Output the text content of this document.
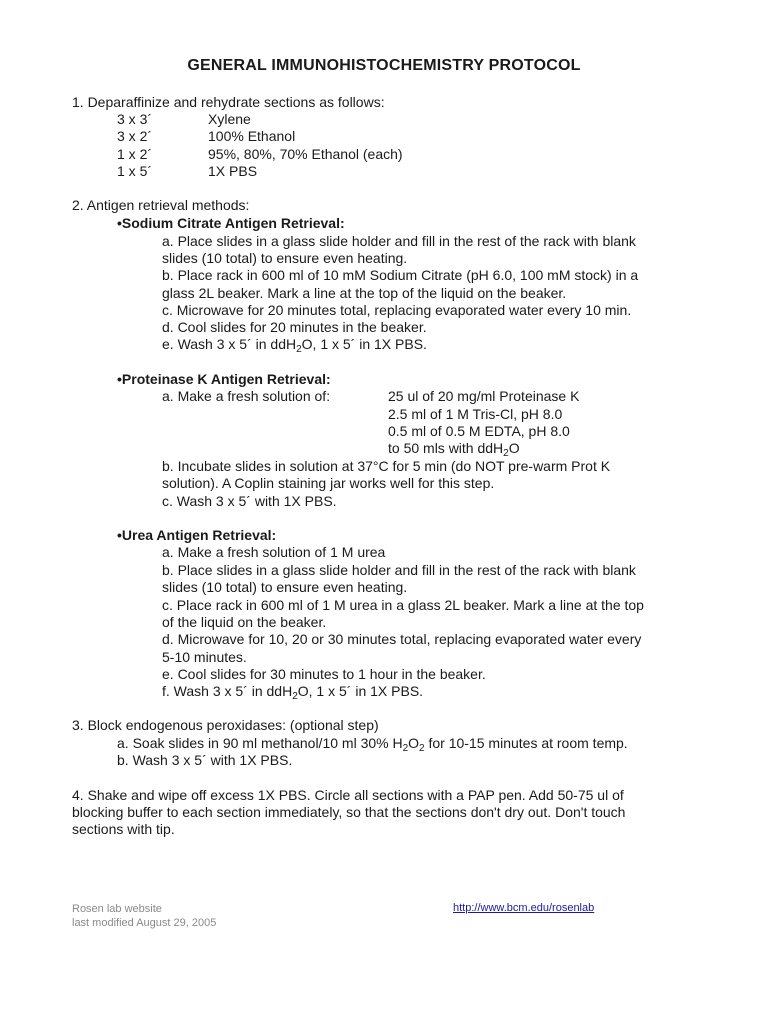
GENERAL IMMUNOHISTOCHEMISTRY PROTOCOL
1. Deparaffinize and rehydrate sections as follows:
3 x 3´	Xylene
3 x 2´	100% Ethanol
1 x 2´	95%, 80%, 70% Ethanol (each)
1 x 5´	1X PBS
2. Antigen retrieval methods:
•Sodium Citrate Antigen Retrieval:
a. Place slides in a glass slide holder and fill in the rest of the rack with blank
slides (10 total) to ensure even heating.
b. Place rack in 600 ml of 10 mM Sodium Citrate (pH 6.0, 100 mM stock) in a
glass 2L beaker. Mark a line at the top of the liquid on the beaker.
c. Microwave for 20 minutes total, replacing evaporated water every 10 min.
d. Cool slides for 20 minutes in the beaker.
e. Wash 3 x 5´ in ddH$_2$O, 1 x 5´ in 1X PBS.
•Proteinase K Antigen Retrieval:
a. Make a fresh solution of:	25 ul of 20 mg/ml Proteinase K
2.5 ml of 1 M Tris-Cl, pH 8.0
0.5 ml of 0.5 M EDTA, pH 8.0
to 50 mls with ddH$_2$O
b. Incubate slides in solution at 37°C for 5 min (do NOT pre-warm Prot K
solution). A Coplin staining jar works well for this step.
c. Wash 3 x 5´ with 1X PBS.
•Urea Antigen Retrieval:
a. Make a fresh solution of 1 M urea
b. Place slides in a glass slide holder and fill in the rest of the rack with blank
slides (10 total) to ensure even heating.
c. Place rack in 600 ml of 1 M urea in a glass 2L beaker. Mark a line at the top
of the liquid on the beaker.
d. Microwave for 10, 20 or 30 minutes total, replacing evaporated water every
5-10 minutes.
e. Cool slides for 30 minutes to 1 hour in the beaker.
f. Wash 3 x 5´ in ddH$_2$O, 1 x 5´ in 1X PBS.
3. Block endogenous peroxidases: (optional step)
a. Soak slides in 90 ml methanol/10 ml 30% $H_2O_2$ for 10-15 minutes at room temp.
b. Wash 3 x 5´ with 1X PBS.
4. Shake and wipe off excess 1X PBS. Circle all sections with a PAP pen. Add 50-75 ul of
blocking buffer to each section immediately, so that the sections don't dry out. Don't touch
sections with tip.
Rosen lab website
last modified August 29, 2005
http://www.bcm.edu/rosenlab
